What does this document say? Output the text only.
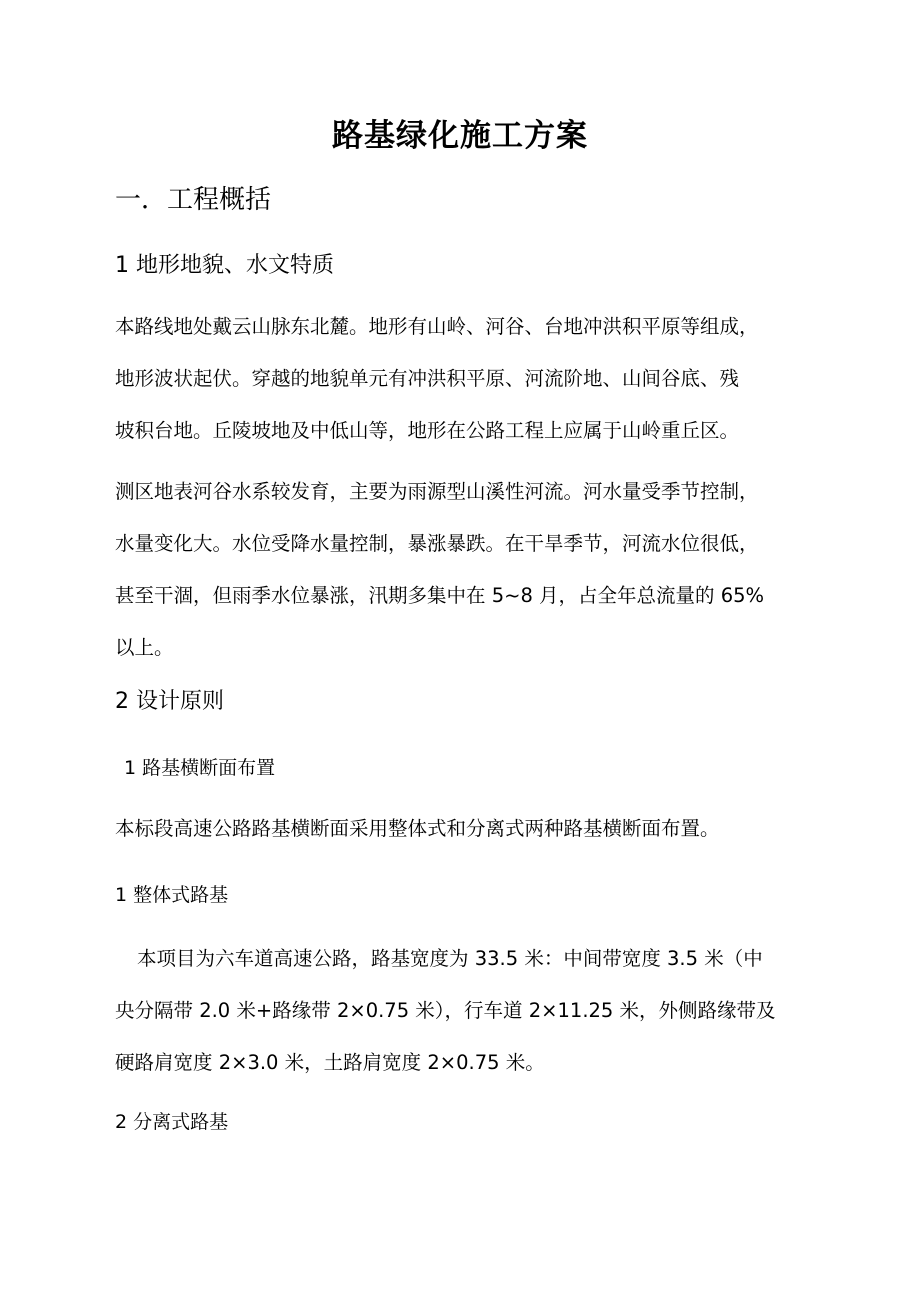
路基绿化施工方案
一．工程概括
1 地形地貌、水文特质
本路线地处戴云山脉东北麓。地形有山岭、河谷、台地冲洪积平原等组成，
地形波状起伏。穿越的地貌单元有冲洪积平原、河流阶地、山间谷底、残
坡积台地。丘陵坡地及中低山等，地形在公路工程上应属于山岭重丘区。
测区地表河谷水系较发育，主要为雨源型山溪性河流。河水量受季节控制，
水量变化大。水位受降水量控制，暴涨暴跌。在干旱季节，河流水位很低，
甚至干涸，但雨季水位暴涨，汛期多集中在 5~8 月，占全年总流量的 65%
以上。
2 设计原则
1 路基横断面布置
本标段高速公路路基横断面采用整体式和分离式两种路基横断面布置。
1 整体式路基
本项目为六车道高速公路，路基宽度为 33.5 米：中间带宽度 3.5 米（中
央分隔带 2.0 米+路缘带 2×0.75 米），行车道 2×11.25 米，外侧路缘带及
硬路肩宽度 2×3.0 米，土路肩宽度 2×0.75 米。
2 分离式路基
